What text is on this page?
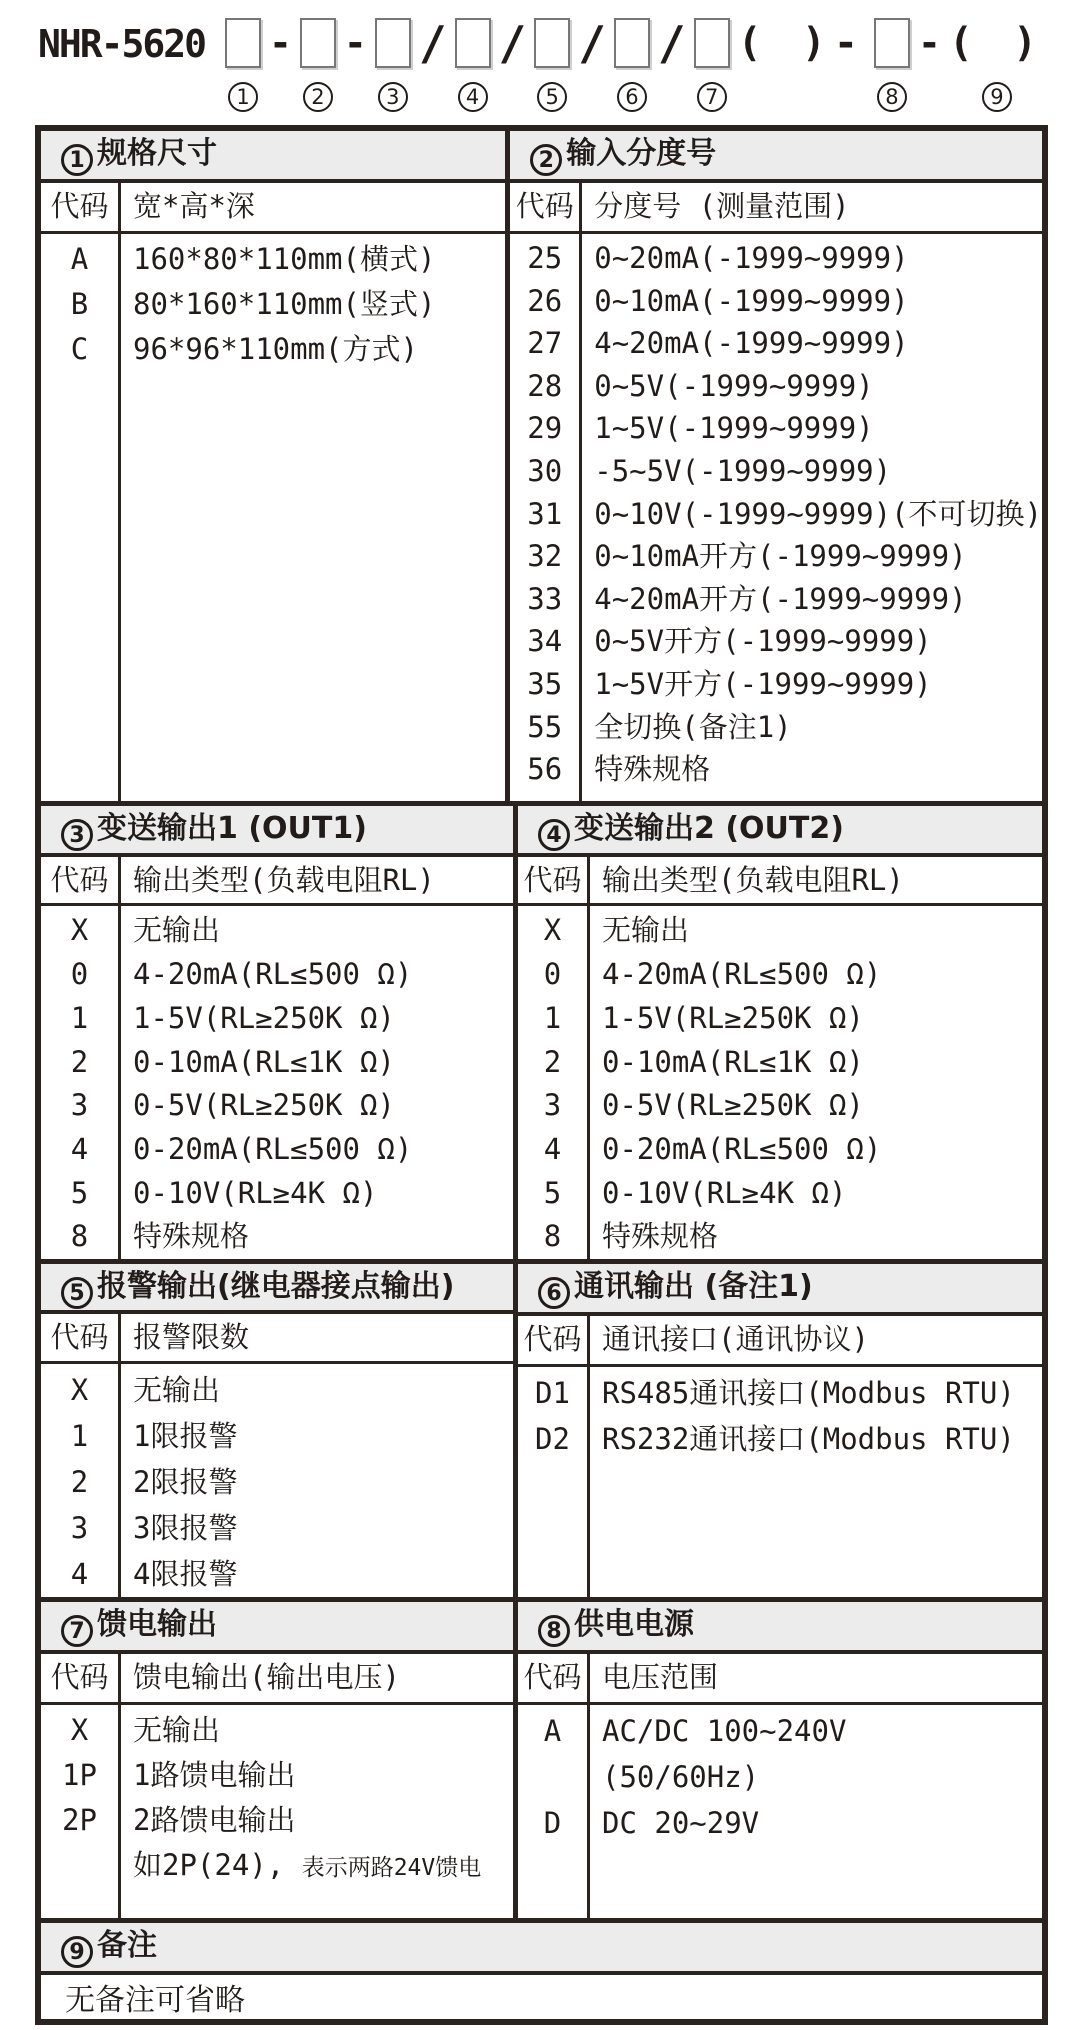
NHR-5620
1
-
2
-
3
/
4
/
5
/
6
/
7
( )-
8
- ( )
9
1 规格尺寸
代码 宽*高*深
A
B
C
160*80*110mm(横式)
80*160*110mm(竖式)
96*96*110mm(方式)
2 输入分度号
代码 分度号 (测量范围)
25
26
27
28
29
30
31
32
33
34
35
55
56
0~20mA(-1999~9999)
0~10mA(-1999~9999)
4~20mA(-1999~9999)
0~5V(-1999~9999)
1~5V(-1999~9999)
-5~5V(-1999~9999)
0~10V(-1999~9999)(不可切换)
0~10mA开方(-1999~9999)
4~20mA开方(-1999~9999)
0~5V开方(-1999~9999)
1~5V开方(-1999~9999)
全切换(备注1)
特殊规格
3 变送输出1 (OUT1)
代码 输出类型(负载电阻RL)
X
0
1
2
3
4
5
8
无输出
4-20mA(RL≤500 Ω)
1-5V(RL≥250K Ω)
0-10mA(RL≤1K Ω)
0-5V(RL≥250K Ω)
0-20mA(RL≤500 Ω)
0-10V(RL≥4K Ω)
特殊规格
4 变送输出2 (OUT2)
代码 输出类型(负载电阻RL)
X
0
1
2
3
4
5
8
无输出
4-20mA(RL≤500 Ω)
1-5V(RL≥250K Ω)
0-10mA(RL≤1K Ω)
0-5V(RL≥250K Ω)
0-20mA(RL≤500 Ω)
0-10V(RL≥4K Ω)
特殊规格
5 报警输出(继电器接点输出)
代码 报警限数
X
1
2
3
4
无输出
1限报警
2限报警
3限报警
4限报警
6 通讯输出 (备注1)
代码 通讯接口(通讯协议)
D1
D2
RS485通讯接口(Modbus RTU)
RS232通讯接口(Modbus RTU)
7 馈电输出
代码 馈电输出(输出电压)
X
1P
2P
无输出
1路馈电输出
2路馈电输出
如2P(24), 表示两路24V馈电
8 供电电源
代码 电压范围
A
D
AC/DC 100~240V
(50/60Hz)
DC 20~29V
9 备注
无备注可省略
